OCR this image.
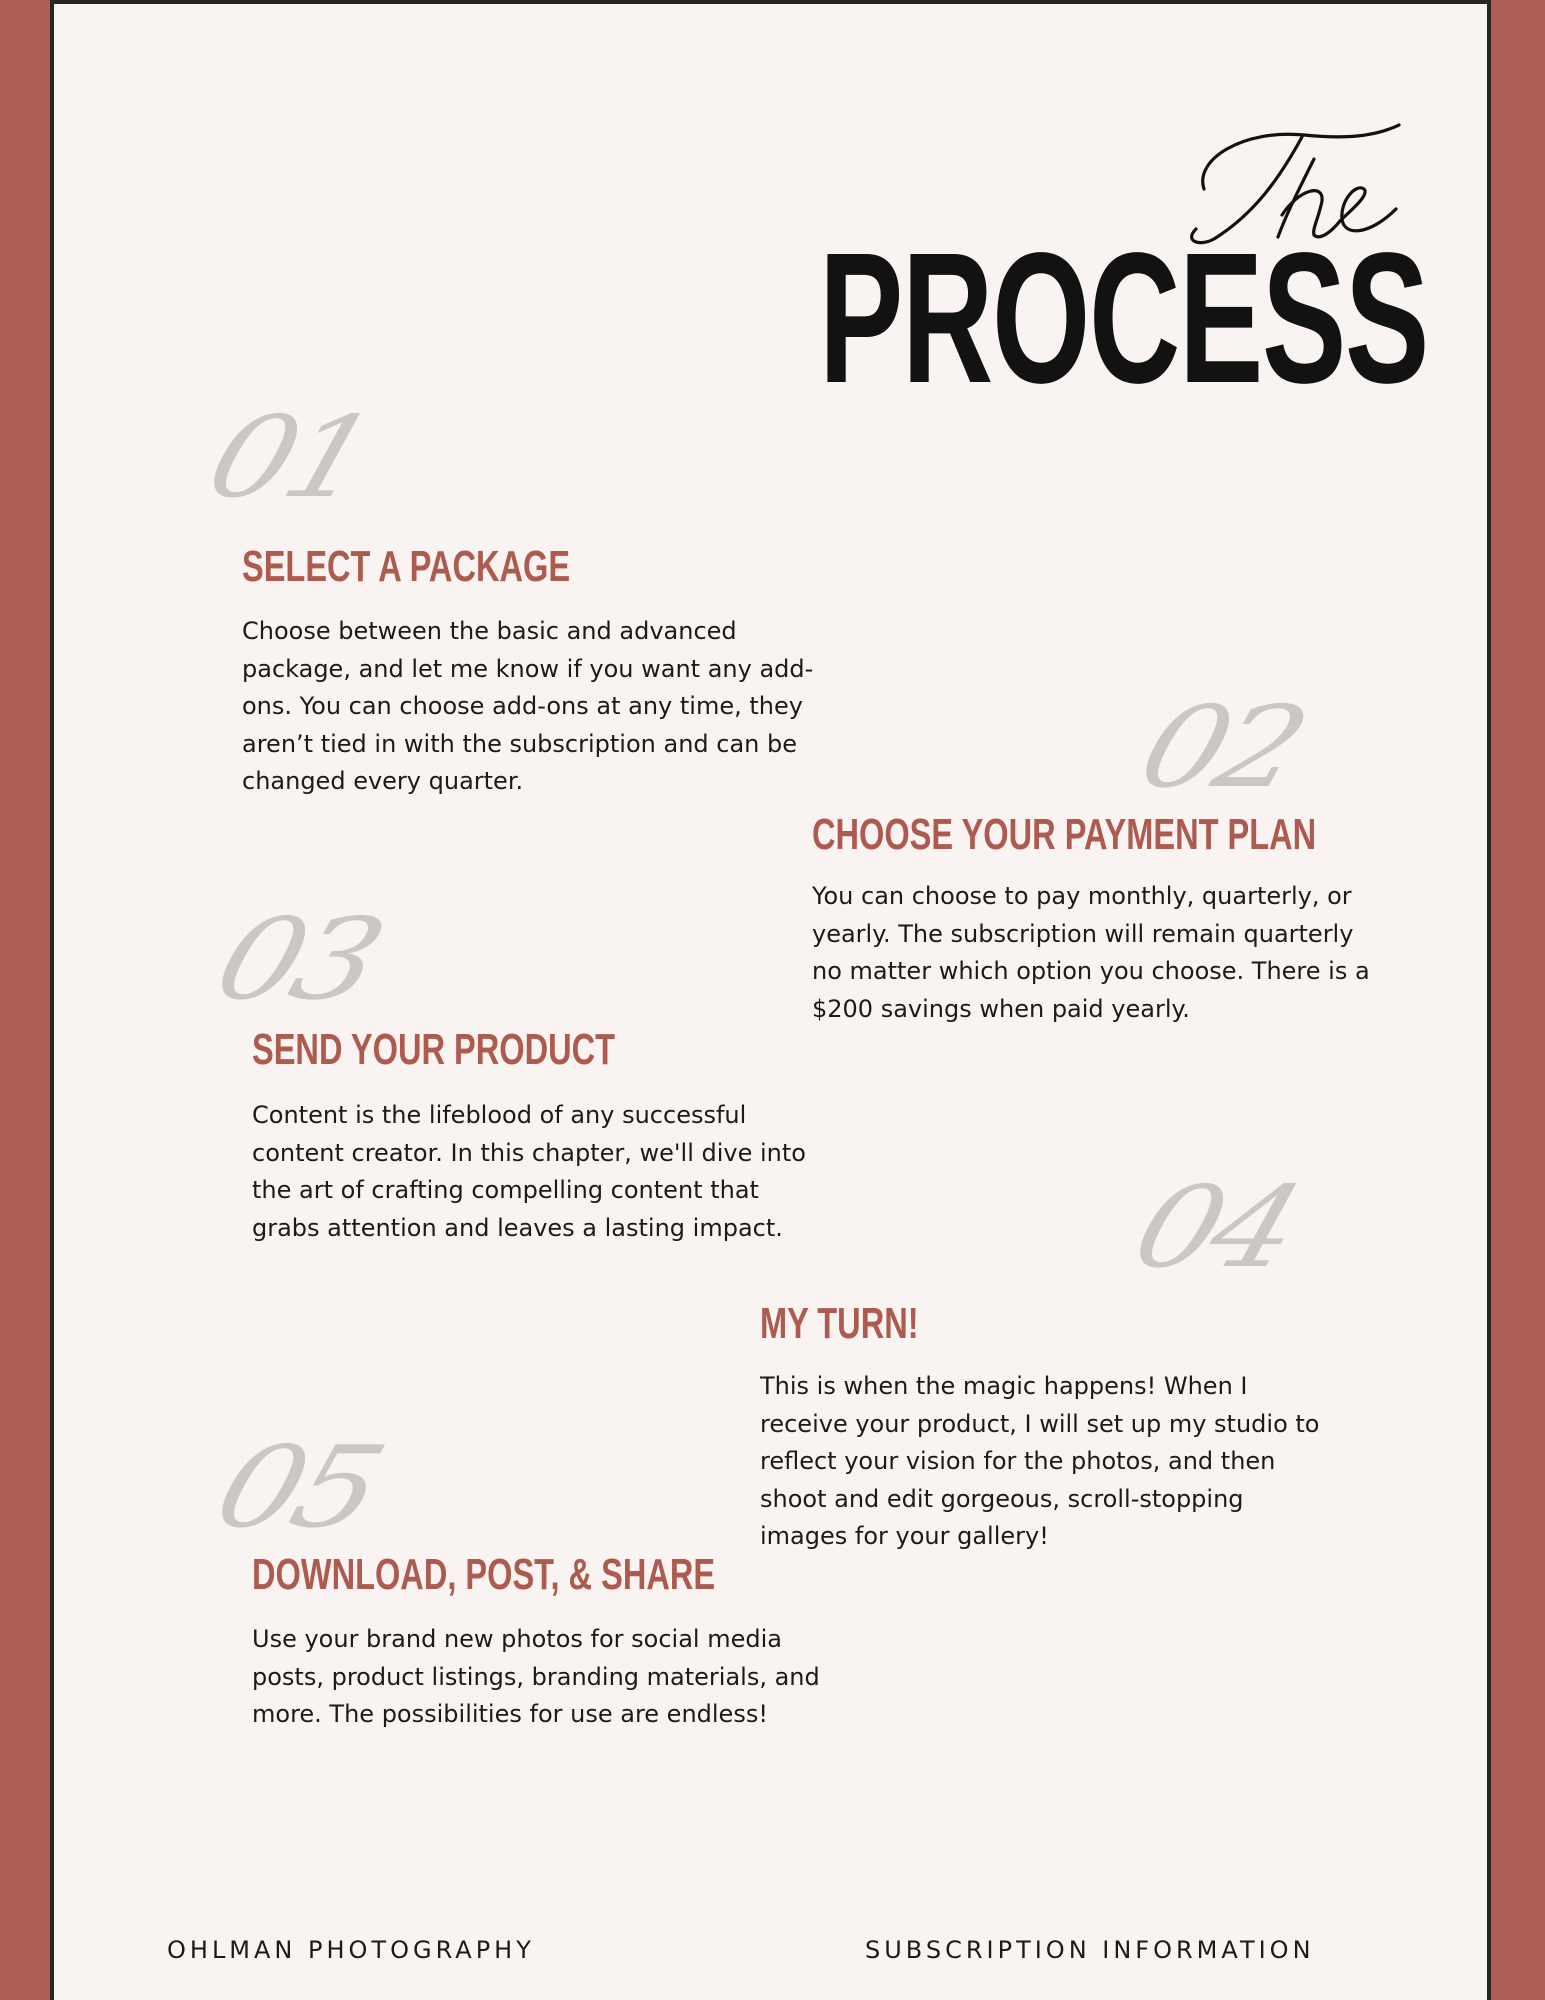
PROCESS
01
SELECT A PACKAGE

Choose between the basic and advanced package, and let me know if you want any add-ons. You can choose add-ons at any time, they aren’t tied in with the subscription and can be changed every quarter.	02
CHOOSE YOUR PAYMENT PLAN

You can choose to pay monthly, quarterly, or yearly. The subscription will remain quarterly no matter which option you choose. There is a $200 savings when paid yearly.

03
SEND YOUR PRODUCT

Content is the lifeblood of any successful content creator. In this chapter, we'll dive into the art of crafting compelling content that grabs attention and leaves a lasting impact.	04
MY TURN!

This is when the magic happens! When I receive your product, I will set up my studio to reflect your vision for the photos, and then shoot and edit gorgeous, scroll-stopping images for your gallery!

05
DOWNLOAD, POST, & SHARE

Use your brand new photos for social media posts, product listings, branding materials, and more. The possibilities for use are endless!

OHLMAN PHOTOGRAPHY	SUBSCRIPTION INFORMATION
